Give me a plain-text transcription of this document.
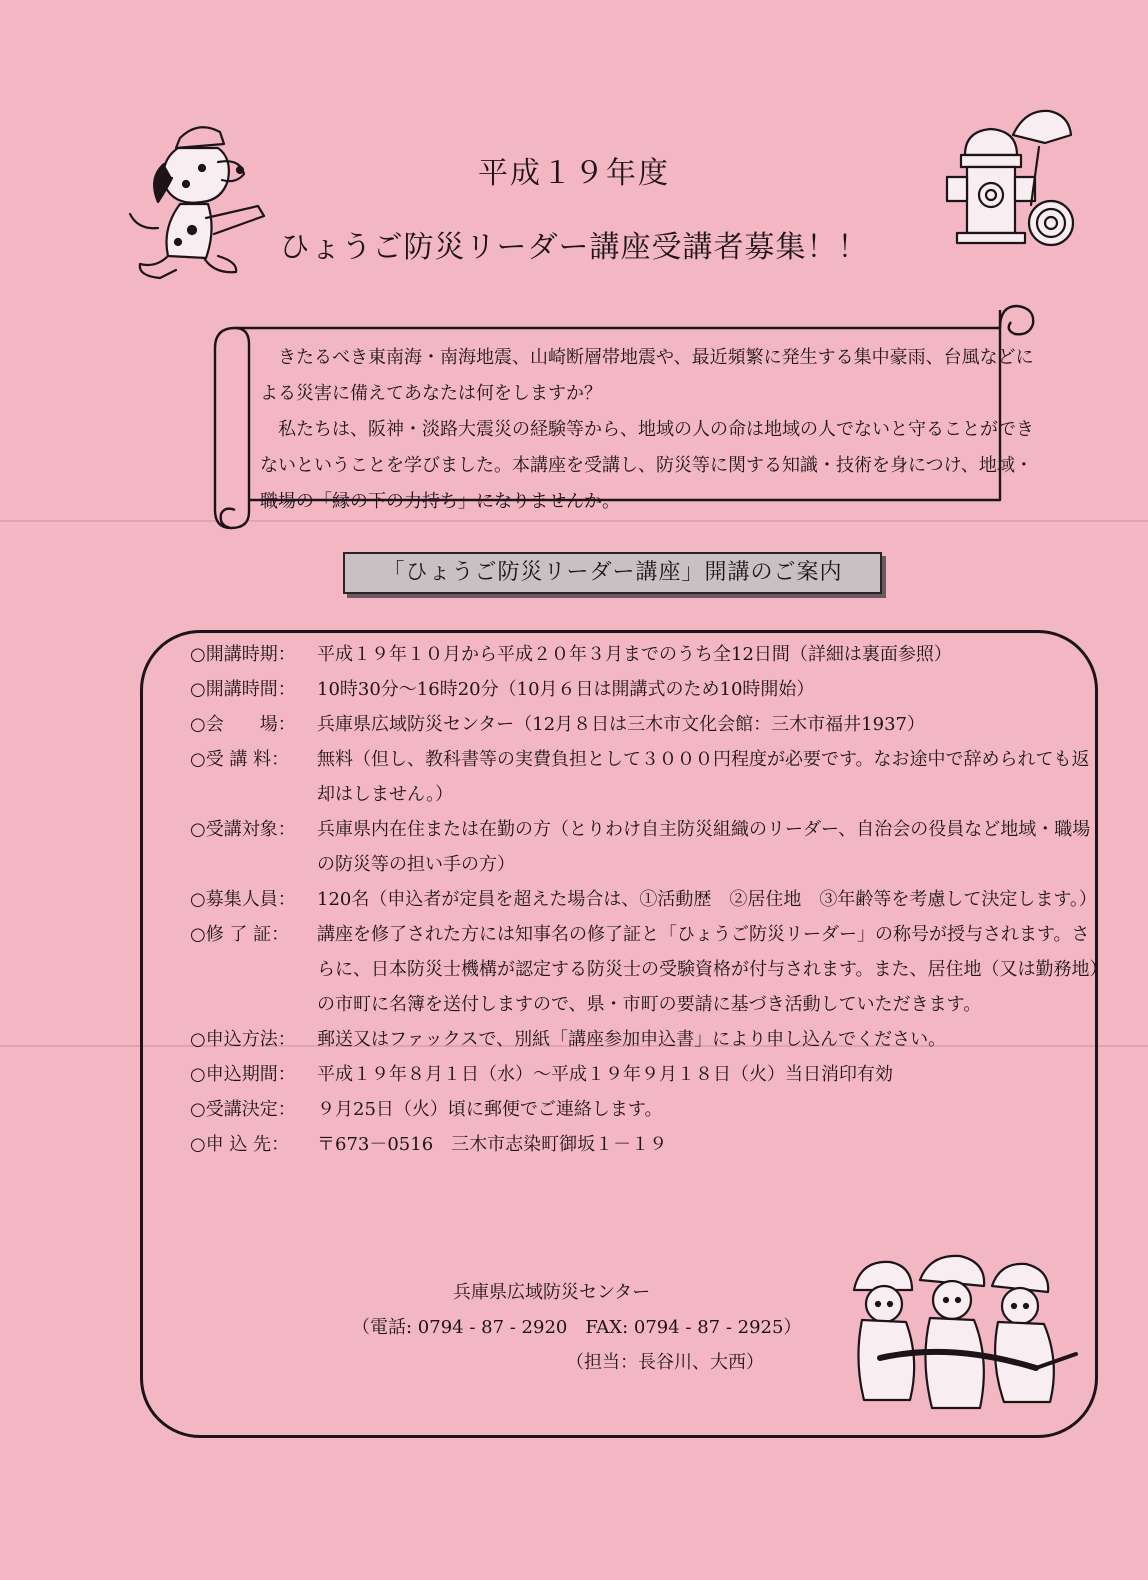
平成１９年度
ひょうご防災リーダー講座受講者募集！！

きたるべき東南海・南海地震、山崎断層帯地震や、最近頻繁に発生する集中豪雨、台風などによる災害に備えてあなたは何をしますか？

私たちは、阪神・淡路大震災の経験等から、地域の人の命は地域の人でないと守ることができないということを学びました。本講座を受講し、防災等に関する知識・技術を身につけ、地域・職場の「縁の下の力持ち」になりませんか。

「ひょうご防災リーダー講座」開講のご案内
○開講時期：	平成１９年１０月から平成２０年３月までのうち全12日間（詳細は裏面参照）

○開講時間：	10時30分～16時20分（10月６日は開講式のため10時開始）

○会　　場：	兵庫県広域防災センター（12月８日は三木市文化会館：三木市福井1937）

○受 講 料：	無料（但し、教科書等の実費負担として３０００円程度が必要です。なお途中で辞められても返却はしません。）

○受講対象：	兵庫県内在住または在勤の方（とりわけ自主防災組織のリーダー、自治会の役員など地域・職場の防災等の担い手の方）

○募集人員：	120名（申込者が定員を超えた場合は、①活動歴　②居住地　③年齢等を考慮して決定します。）

○修 了 証：	講座を修了された方には知事名の修了証と「ひょうご防災リーダー」の称号が授与されます。さらに、日本防災士機構が認定する防災士の受験資格が付与されます。また、居住地（又は勤務地）の市町に名簿を送付しますので、県・市町の要請に基づき活動していただきます。

○申込方法：	郵送又はファックスで、別紙「講座参加申込書」により申し込んでください。

○申込期間：	平成１９年８月１日（水）～平成１９年９月１８日（火）当日消印有効

○受講決定：	９月25日（火）頃に郵便でご連絡します。

○申 込 先：	〒673－0516　三木市志染町御坂１－１９

兵庫県広域防災センター
（電話: 0794 - 87 - 2920　FAX: 0794 - 87 - 2925）
（担当：長谷川、大西）
